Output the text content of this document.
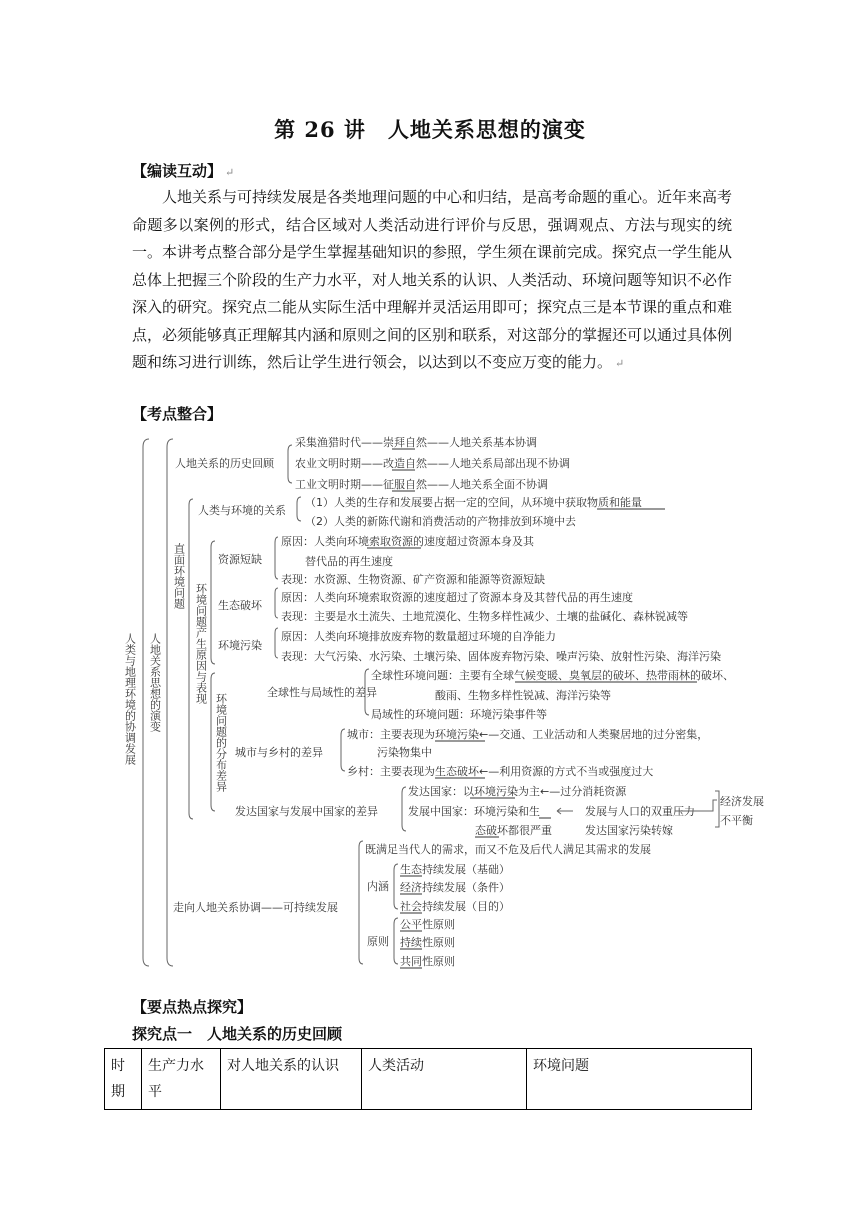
第 26 讲　人地关系思想的演变
【编读互动】 ↵
人地关系与可持续发展是各类地理问题的中心和归结，是高考命题的重心。近年来高考命题多以案例的形式，结合区域对人类活动进行评价与反思，强调观点、方法与现实的统一。本讲考点整合部分是学生掌握基础知识的参照，学生须在课前完成。探究点一学生能从总体上把握三个阶段的生产力水平，对人地关系的认识、人类活动、环境问题等知识不必作深入的研究。探究点二能从实际生活中理解并灵活运用即可；探究点三是本节课的重点和难点，必须能够真正理解其内涵和原则之间的区别和联系，对这部分的掌握还可以通过具体例题和练习进行训练，然后让学生进行领会，以达到以不变应万变的能力。 ↵
【考点整合】
人类与地理环境的协调发展 人地关系思想的演变
直面环境问题
环境问题产生原因与表现
环境问题的分布差异
人地关系的历史回顾
采集渔猎时代——崇拜自然——人地关系基本协调
农业文明时期——改造自然——人地关系局部出现不协调
工业文明时期——征服自然——人地关系全面不协调
人类与环境的关系
（1）人类的生存和发展要占据一定的空间，从环境中获取物质和能量
（2）人类的新陈代谢和消费活动的产物排放到环境中去
资源短缺
原因：人类向环境索取资源的速度超过资源本身及其
替代品的再生速度
表现：水资源、生物资源、矿产资源和能源等资源短缺
生态破坏
原因：人类向环境索取资源的速度超过了资源本身及其替代品的再生速度
表现：主要是水土流失、土地荒漠化、生物多样性减少、土壤的盐碱化、森林锐减等
环境污染
原因：人类向环境排放废弃物的数量超过环境的自净能力
表现：大气污染、水污染、土壤污染、固体废弃物污染、噪声污染、放射性污染、海洋污染
全球性与局域性的差异
全球性环境问题：主要有全球气候变暖、臭氧层的破坏、热带雨林的破坏、
酸雨、生物多样性锐减、海洋污染等
局域性的环境问题：环境污染事件等
城市与乡村的差异
城市：主要表现为环境污染←—交通、工业活动和人类聚居地的过分密集，
污染物集中
乡村：主要表现为生态破坏←—利用资源的方式不当或强度过大
发达国家与发展中国家的差异
发达国家：以环境污染为主←—过分消耗资源
发展中国家：环境污染和生
态破坏都很严重
发展与人口的双重压力
发达国家污染转嫁
经济发展
不平衡
走向人地关系协调——可持续发展
既满足当代人的需求，而又不危及后代人满足其需求的发展
内涵
生态持续发展（基础）
经济持续发展（条件）
社会持续发展（目的）
原则
公平性原则
持续性原则
共同性原则
【要点热点探究】
探究点一　人地关系的历史回顾
时期	生产力水平	对人地关系的认识	人类活动	环境问题
